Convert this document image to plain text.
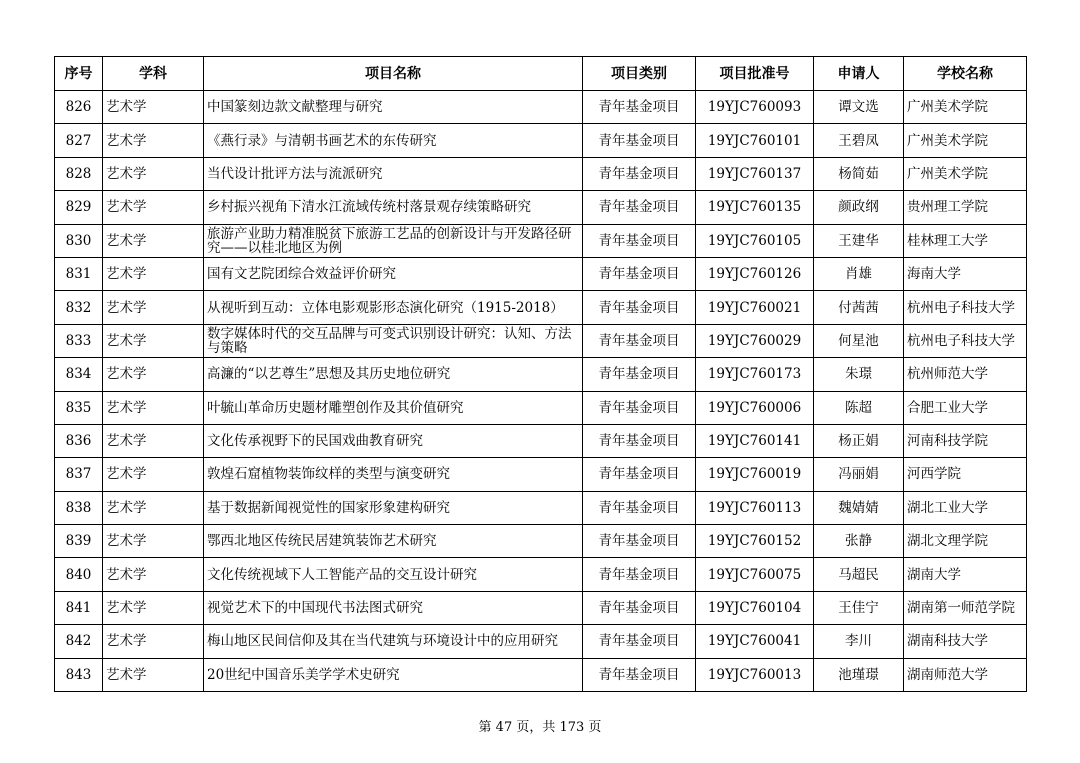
序号	学科	项目名称	项目类别	项目批准号	申请人	学校名称
826	艺术学	中国篆刻边款文献整理与研究	青年基金项目	19YJC760093	谭文选	广州美术学院
827	艺术学	《燕行录》与清朝书画艺术的东传研究	青年基金项目	19YJC760101	王碧凤	广州美术学院
828	艺术学	当代设计批评方法与流派研究	青年基金项目	19YJC760137	杨简茹	广州美术学院
829	艺术学	乡村振兴视角下清水江流域传统村落景观存续策略研究	青年基金项目	19YJC760135	颜政纲	贵州理工学院
830	艺术学	旅游产业助力精准脱贫下旅游工艺品的创新设计与开发路径研究——以桂北地区为例	青年基金项目	19YJC760105	王建华	桂林理工大学
831	艺术学	国有文艺院团综合效益评价研究	青年基金项目	19YJC760126	肖雄	海南大学
832	艺术学	从视听到互动：立体电影观影形态演化研究（1915-2018）	青年基金项目	19YJC760021	付茜茜	杭州电子科技大学
833	艺术学	数字媒体时代的交互品牌与可变式识别设计研究：认知、方法与策略	青年基金项目	19YJC760029	何星池	杭州电子科技大学
834	艺术学	高濂的“以艺尊生”思想及其历史地位研究	青年基金项目	19YJC760173	朱璟	杭州师范大学
835	艺术学	叶毓山革命历史题材雕塑创作及其价值研究	青年基金项目	19YJC760006	陈超	合肥工业大学
836	艺术学	文化传承视野下的民国戏曲教育研究	青年基金项目	19YJC760141	杨正娟	河南科技学院
837	艺术学	敦煌石窟植物装饰纹样的类型与演变研究	青年基金项目	19YJC760019	冯丽娟	河西学院
838	艺术学	基于数据新闻视觉性的国家形象建构研究	青年基金项目	19YJC760113	魏婧婧	湖北工业大学
839	艺术学	鄂西北地区传统民居建筑装饰艺术研究	青年基金项目	19YJC760152	张静	湖北文理学院
840	艺术学	文化传统视域下人工智能产品的交互设计研究	青年基金项目	19YJC760075	马超民	湖南大学
841	艺术学	视觉艺术下的中国现代书法图式研究	青年基金项目	19YJC760104	王佳宁	湖南第一师范学院
842	艺术学	梅山地区民间信仰及其在当代建筑与环境设计中的应用研究	青年基金项目	19YJC760041	李川	湖南科技大学
843	艺术学	20世纪中国音乐美学学术史研究	青年基金项目	19YJC760013	池瑾璟	湖南师范大学
第 47 页，共 173 页
